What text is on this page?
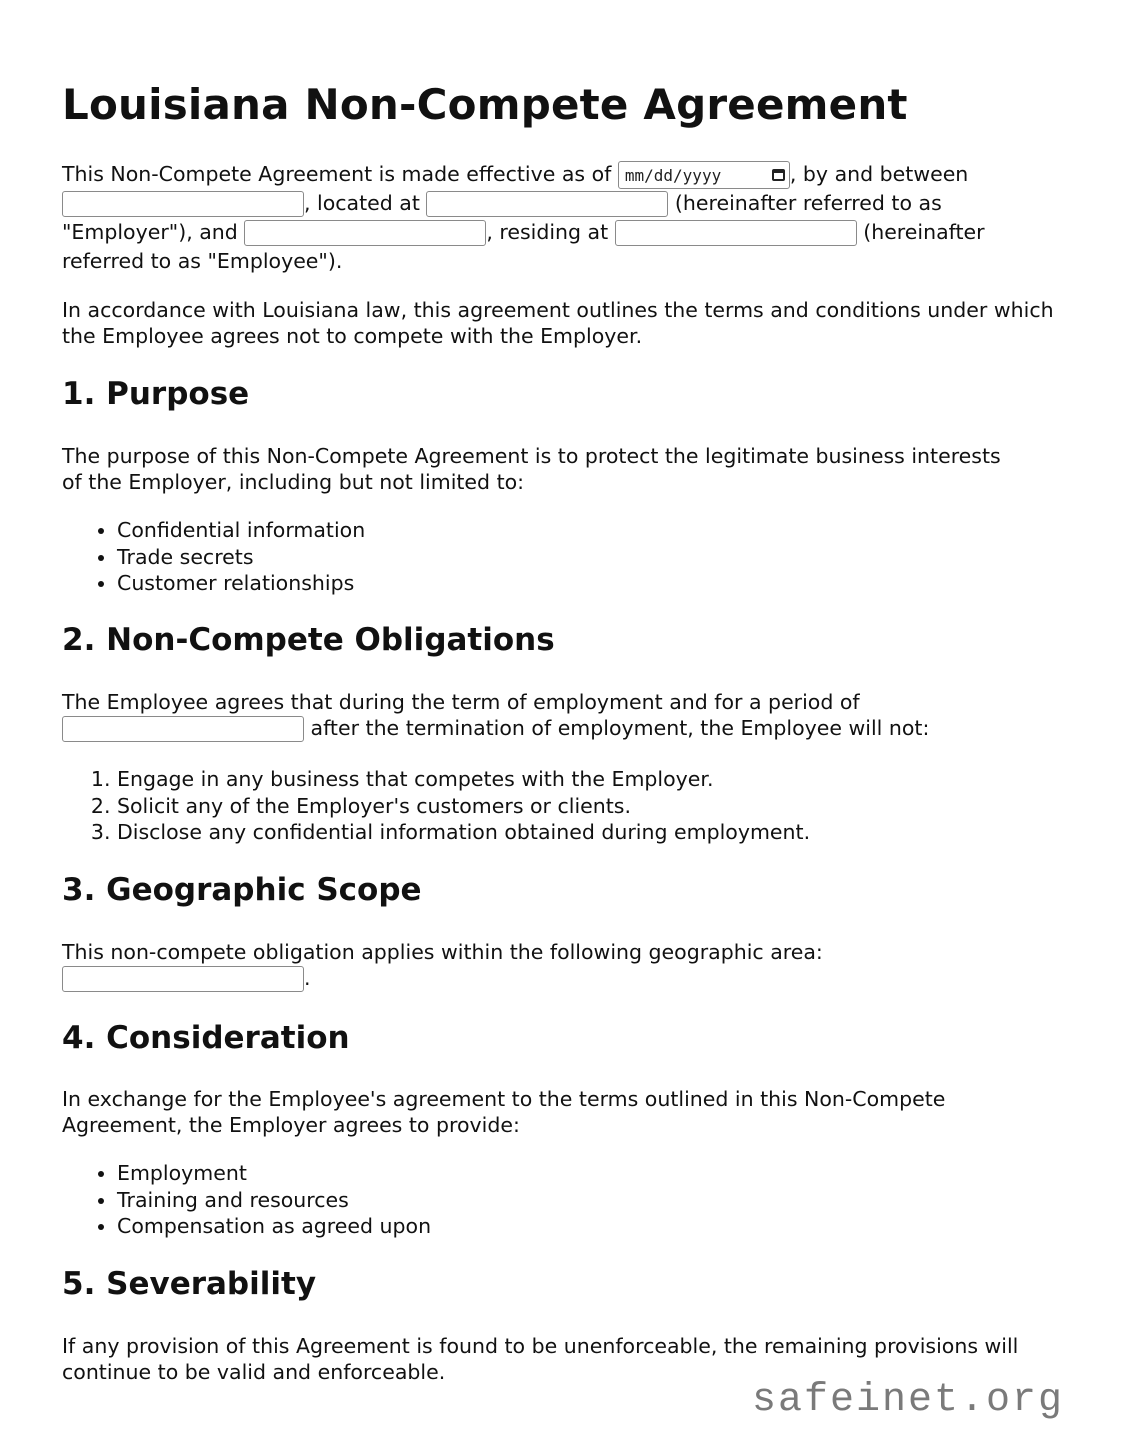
Louisiana Non-Compete Agreement

This Non-Compete Agreement is made effective as of mm/dd/yyyy	, by and between
, located at	(hereinafter referred to as
"Employer"), and	, residing at	(hereinafter
referred to as "Employee").

In accordance with Louisiana law, this agreement outlines the terms and conditions under which the Employee agrees not to compete with the Employer.

1. Purpose

The purpose of this Non-Compete Agreement is to protect the legitimate business interests of the Employer, including but not limited to:

• Confidential information
• Trade secrets
• Customer relationships
2. Non-Compete Obligations

The Employee agrees that during the term of employment and for a period of
after the termination of employment, the Employee will not:

1. Engage in any business that competes with the Employer.
2. Solicit any of the Employer's customers or clients.
3. Disclose any confidential information obtained during employment.
3. Geographic Scope

This non-compete obligation applies within the following geographic area:
.

4. Consideration

In exchange for the Employee's agreement to the terms outlined in this Non-Compete Agreement, the Employer agrees to provide:

• Employment
• Training and resources
• Compensation as agreed upon
5. Severability

If any provision of this Agreement is found to be unenforceable, the remaining provisions will continue to be valid and enforceable.

safeinet.org
